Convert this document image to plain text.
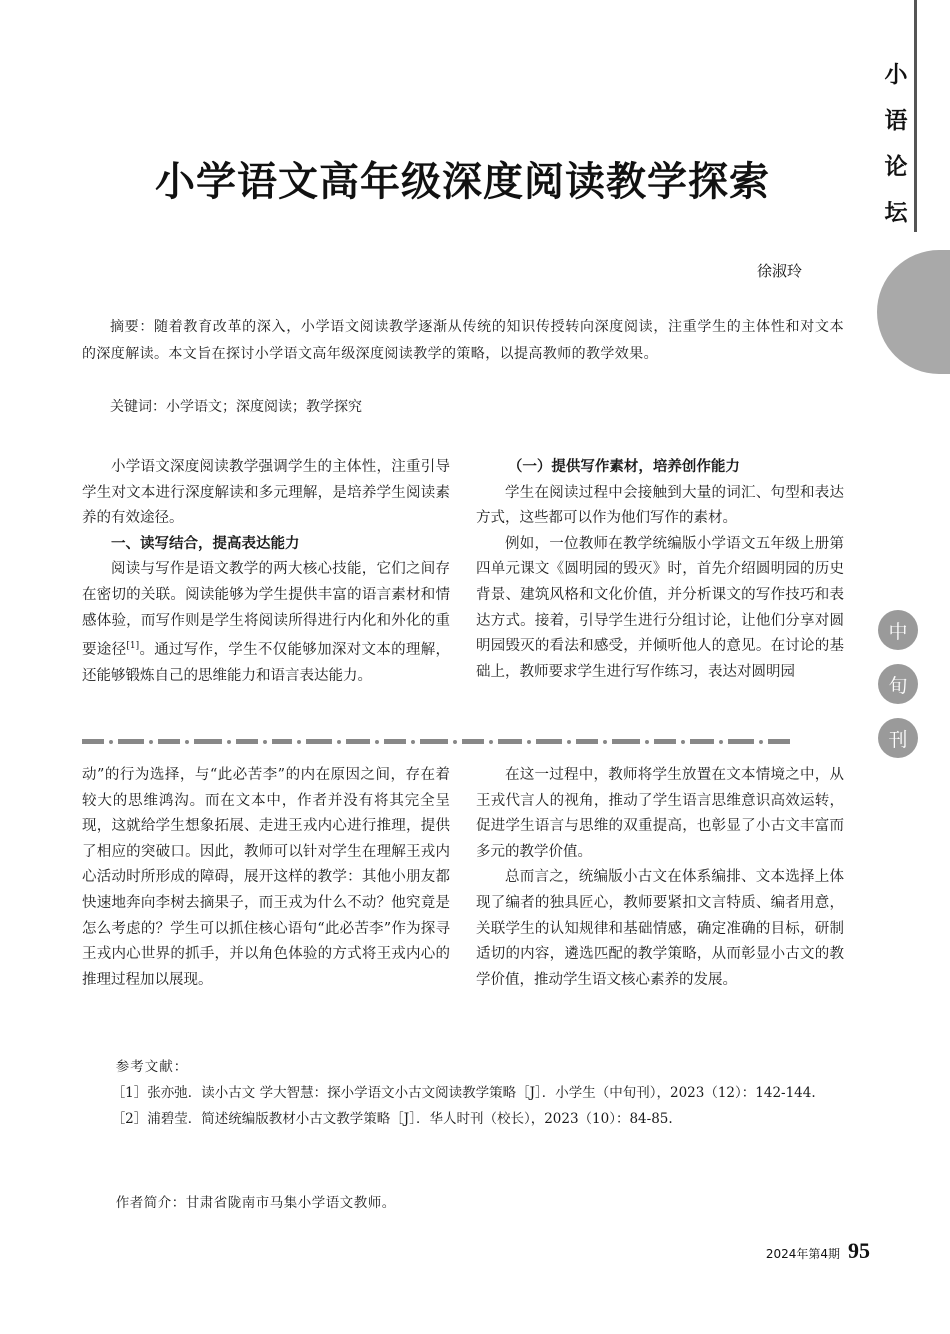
小
语
论
坛
中
旬
刊
小学语文高年级深度阅读教学探索
徐淑玲

摘要：随着教育改革的深入，小学语文阅读教学逐渐从传统的知识传授转向深度阅读，注重学生的主体性和对文本的深度解读。本文旨在探讨小学语文高年级深度阅读教学的策略，以提高教师的教学效果。

关键词：小学语文；深度阅读；教学探究

小学语文深度阅读教学强调学生的主体性，注重引导学生对文本进行深度解读和多元理解，是培养学生阅读素养的有效途径。

一、读写结合，提高表达能力

阅读与写作是语文教学的两大核心技能，它们之间存在密切的关联。阅读能够为学生提供丰富的语言素材和情感体验，而写作则是学生将阅读所得进行内化和外化的重要途径[1]。通过写作，学生不仅能够加深对文本的理解，还能够锻炼自己的思维能力和语言表达能力。

（一）提供写作素材，培养创作能力

学生在阅读过程中会接触到大量的词汇、句型和表达方式，这些都可以作为他们写作的素材。

例如，一位教师在教学统编版小学语文五年级上册第四单元课文《圆明园的毁灭》时，首先介绍圆明园的历史背景、建筑风格和文化价值，并分析课文的写作技巧和表达方式。接着，引导学生进行分组讨论，让他们分享对圆明园毁灭的看法和感受，并倾听他人的意见。在讨论的基础上，教师要求学生进行写作练习，表达对圆明园

动”的行为选择，与“此必苦李”的内在原因之间，存在着较大的思维鸿沟。而在文本中，作者并没有将其完全呈现，这就给学生想象拓展、走进王戎内心进行推理，提供了相应的突破口。因此，教师可以针对学生在理解王戎内心活动时所形成的障碍，展开这样的教学：其他小朋友都快速地奔向李树去摘果子，而王戎为什么不动？他究竟是怎么考虑的？学生可以抓住核心语句“此必苦李”作为探寻王戎内心世界的抓手，并以角色体验的方式将王戎内心的推理过程加以展现。

在这一过程中，教师将学生放置在文本情境之中，从王戎代言人的视角，推动了学生语言思维意识高效运转，促进学生语言与思维的双重提高，也彰显了小古文丰富而多元的教学价值。

总而言之，统编版小古文在体系编排、文本选择上体现了编者的独具匠心，教师要紧扣文言特质、编者用意，关联学生的认知规律和基础情感，确定准确的目标，研制适切的内容，遴选匹配的教学策略，从而彰显小古文的教学价值，推动学生语文核心素养的发展。

参考文献：

［1］张亦弛．读小古文 学大智慧：探小学语文小古文阅读教学策略［J］．小学生（中旬刊），2023（12）：142-144.

［2］浦碧莹．简述统编版教材小古文教学策略［J］．华人时刊（校长），2023（10）：84-85.

作者简介：甘肃省陇南市马集小学语文教师。

2024年第4期 95
